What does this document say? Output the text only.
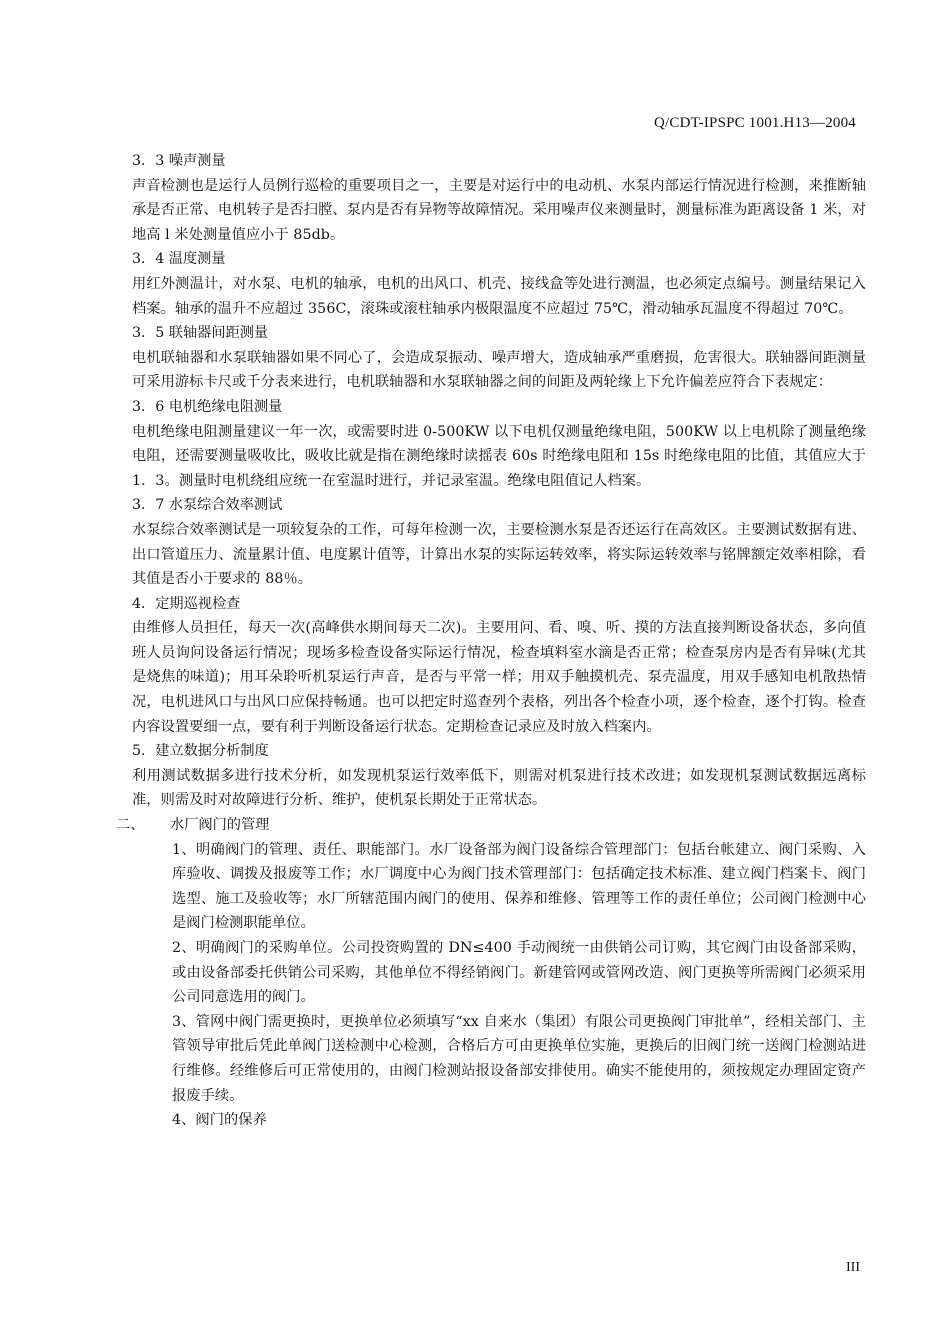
Q/CDT-IPSPC 1001.H13—2004

3．3 噪声测量

声音检测也是运行人员例行巡检的重要项目之一，主要是对运行中的电动机、水泵内部运行情况进行检测，来推断轴承是否正常、电机转子是否扫膛、泵内是否有异物等故障情况。采用噪声仪来测量时，测量标准为距离设备 1 米，对地高 l 米处测量值应小于 85db。

3．4 温度测量

用红外测温计，对水泵、电机的轴承，电机的出风口、机壳、接线盒等处进行测温，也必须定点编号。测量结果记入档案。轴承的温升不应超过 356C，滚珠或滚柱轴承内极限温度不应超过 75℃，滑动轴承瓦温度不得超过 70℃。

3．5 联轴器间距测量

电机联轴器和水泵联轴器如果不同心了，会造成泵振动、噪声增大，造成轴承严重磨损，危害很大。联轴器间距测量可采用游标卡尺或千分表来进行，电机联轴器和水泵联轴器之间的间距及两轮缘上下允许偏差应符合下表规定：

3．6 电机绝缘电阻测量

电机绝缘电阻测量建议一年一次，或需要时进 0-500KW 以下电机仅测量绝缘电阻，500KW 以上电机除了测量绝缘电阻，还需要测量吸收比，吸收比就是指在测绝缘时读摇表 60s 时绝缘电阻和 15s 时绝缘电阻的比值，其值应大于 1．3。测量时电机绕组应统一在室温时进行，并记录室温。绝缘电阻值记人档案。

3．7 水泵综合效率测试

水泵综合效率测试是一项较复杂的工作，可每年检测一次，主要检测水泵是否还运行在高效区。主要测试数据有进、出口管道压力、流量累计值、电度累计值等，计算出水泵的实际运转效率，将实际运转效率与铭牌额定效率相除，看其值是否小于要求的 88％。

4．定期巡视检查

由维修人员担任，每天一次(高峰供水期间每天二次)。主要用问、看、嗅、听、摸的方法直接判断设备状态，多向值班人员询问设备运行情况；现场多检查设备实际运行情况，检查填料室水滴是否正常；检查泵房内是否有异味(尤其是烧焦的味道)；用耳朵聆听机泵运行声音，是否与平常一样；用双手触摸机壳、泵壳温度，用双手感知电机散热情况，电机进风口与出风口应保持畅通。也可以把定时巡查列个表格，列出各个检查小项，逐个检查，逐个打钩。检查内容设置要细一点，要有利于判断设备运行状态。定期检查记录应及时放入档案内。

5．建立数据分析制度

利用测试数据多进行技术分析，如发现机泵运行效率低下，则需对机泵进行技术改进；如发现机泵测试数据远离标准，则需及时对故障进行分析、维护，使机泵长期处于正常状态。

二、 水厂阀门的管理

1、明确阀门的管理、责任、职能部门。水厂设备部为阀门设备综合管理部门：包括台帐建立、阀门采购、入库验收、调拨及报废等工作；水厂调度中心为阀门技术管理部门：包括确定技术标准、建立阀门档案卡、阀门选型、施工及验收等；水厂所辖范围内阀门的使用、保养和维修、管理等工作的责任单位；公司阀门检测中心是阀门检测职能单位。

2、明确阀门的采购单位。公司投资购置的 DN≤400 手动阀统一由供销公司订购，其它阀门由设备部采购，或由设备部委托供销公司采购，其他单位不得经销阀门。新建管网或管网改造、阀门更换等所需阀门必须采用公司同意选用的阀门。

3、管网中阀门需更换时，更换单位必须填写“xx 自来水（集团）有限公司更换阀门审批单”，经相关部门、主管领导审批后凭此单阀门送检测中心检测，合格后方可由更换单位实施，更换后的旧阀门统一送阀门检测站进行维修。经维修后可正常使用的，由阀门检测站报设备部安排使用。确实不能使用的，须按规定办理固定资产报废手续。

4、阀门的保养

III
